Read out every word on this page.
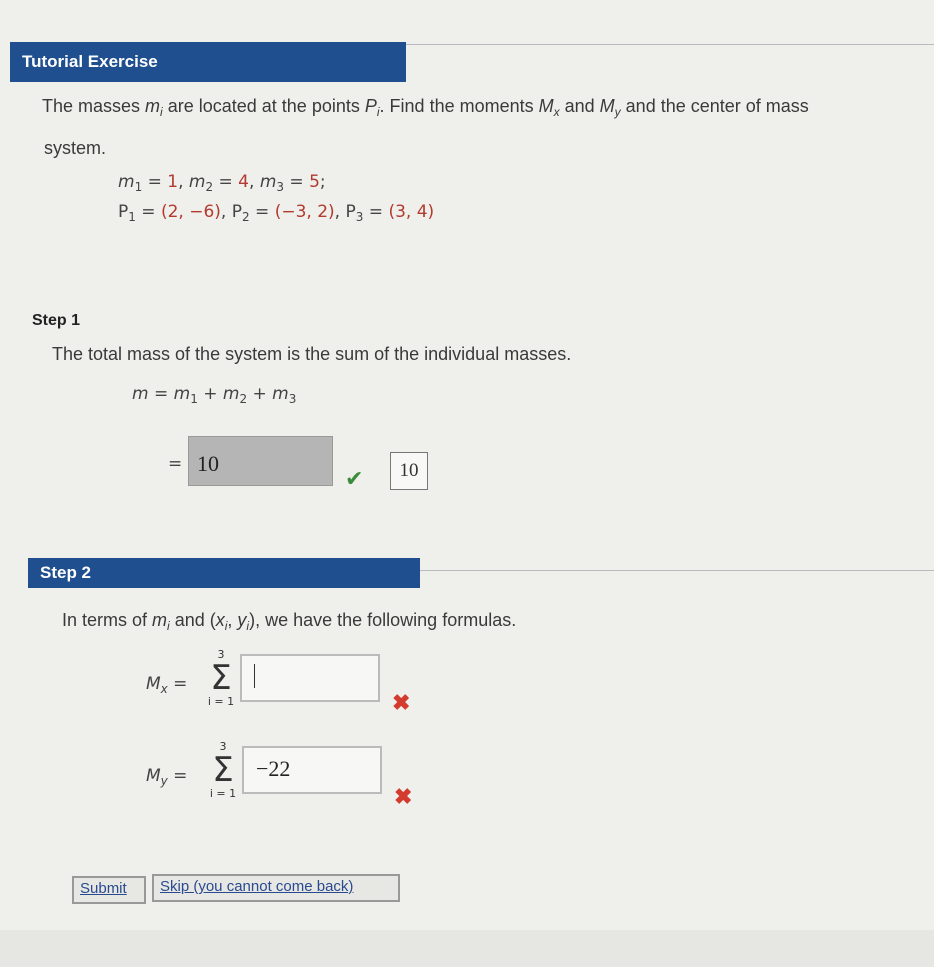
Tutorial Exercise
The masses $m_i$ are located at the points $P_i$. Find the moments $M_x$ and $M_y$ and the center of mass
system.
$m_1 = 1$, $m_2 = 4$, $m_3 = 5$;
$P_1 = (2$, −6), $P_2 = (-3$, 2), $P_3 = (3$, 4)
Step 1
The total mass of the system is the sum of the individual masses.
$m = m_1 + m_2 + m_3$
= 10
✔	10
Step 2
In terms of $m_i$ and ($x_i$, $y_i$), we have the following formulas.
$M_x$ =
3
Σ
i = 1	✖
$M_y$ =
3
Σ
i = 1
−22
✖
Submit	Skip (you cannot come back)
